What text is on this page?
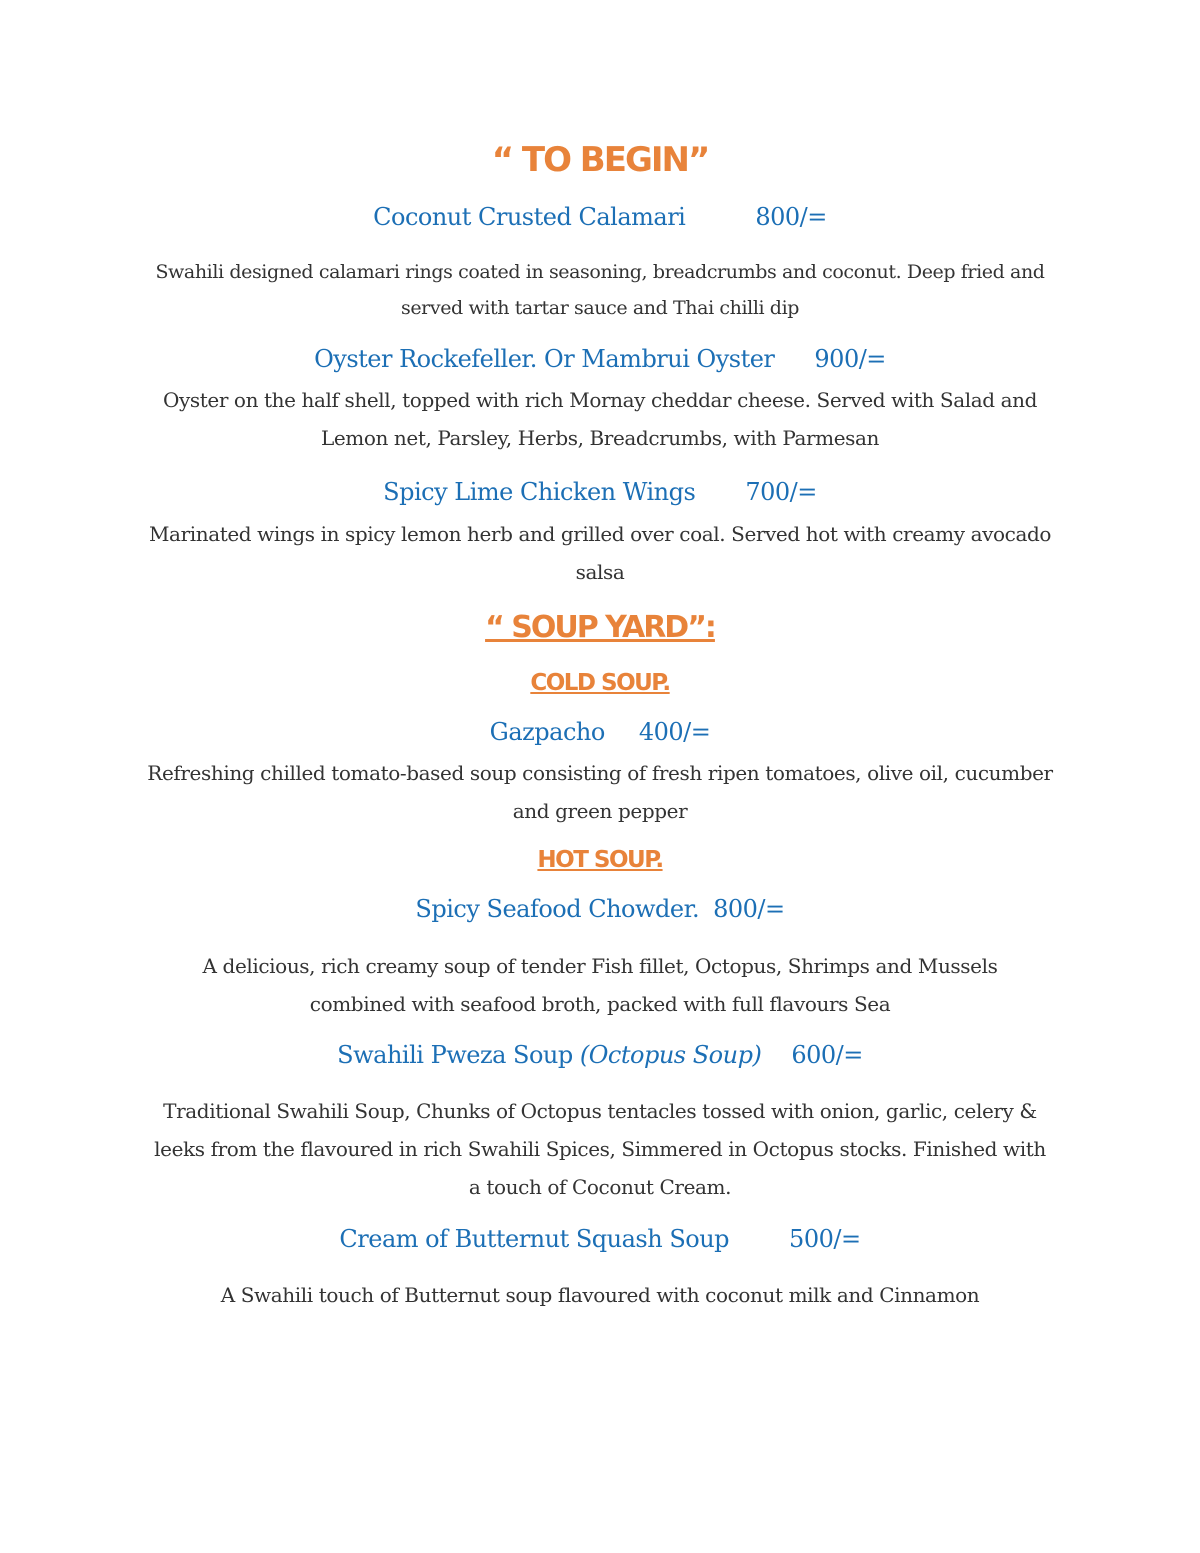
“ TO BEGIN”
Coconut Crusted Calamari	800/=
Swahili designed calamari rings coated in seasoning, breadcrumbs and coconut. Deep fried and
served with tartar sauce and Thai chilli dip
Oyster Rockefeller. Or Mambrui Oyster 900/=
Oyster on the half shell, topped with rich Mornay cheddar cheese. Served with Salad and
Lemon net, Parsley, Herbs, Breadcrumbs, with Parmesan
Spicy Lime Chicken Wings 700/=
Marinated wings in spicy lemon herb and grilled over coal. Served hot with creamy avocado
salsa
“ SOUP YARD”:
COLD SOUP.
Gazpacho 400/=
Refreshing chilled tomato-based soup consisting of fresh ripen tomatoes, olive oil, cucumber
and green pepper
HOT SOUP.
Spicy Seafood Chowder. 800/=
A delicious, rich creamy soup of tender Fish fillet, Octopus, Shrimps and Mussels
combined with seafood broth, packed with full flavours Sea
Swahili Pweza Soup (Octopus Soup) 600/=
Traditional Swahili Soup, Chunks of Octopus tentacles tossed with onion, garlic, celery &
leeks from the flavoured in rich Swahili Spices, Simmered in Octopus stocks. Finished with
a touch of Coconut Cream.
Cream of Butternut Squash Soup	500/=
A Swahili touch of Butternut soup flavoured with coconut milk and Cinnamon
